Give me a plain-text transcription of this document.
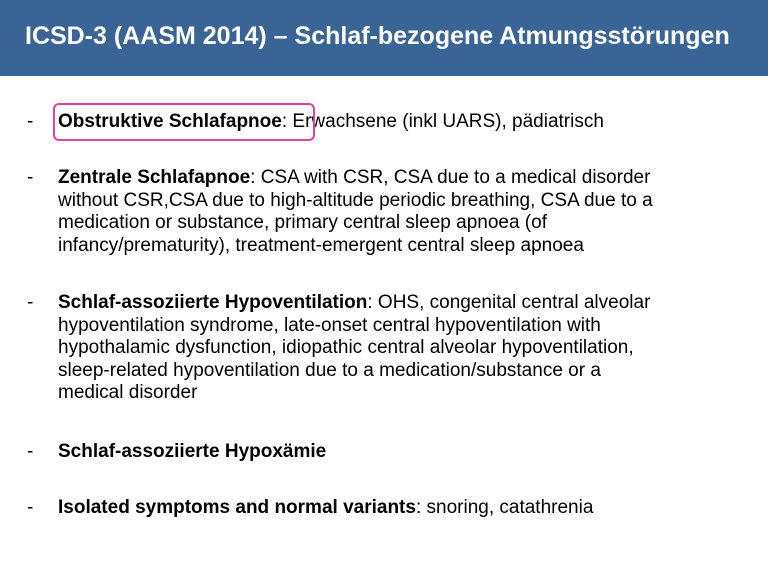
ICSD-3 (AASM 2014) – Schlaf-bezogene Atmungsstörungen
- Obstruktive Schlafapnoe: Erwachsene (inkl UARS), pädiatrisch
- Zentrale Schlafapnoe: CSA with CSR, CSA due to a medical disorder
without CSR,CSA due to high-altitude periodic breathing, CSA due to a
medication or substance, primary central sleep apnoea (of
infancy/prematurity), treatment-emergent central sleep apnoea
- Schlaf-assoziierte Hypoventilation: OHS, congenital central alveolar
hypoventilation syndrome, late-onset central hypoventilation with
hypothalamic dysfunction, idiopathic central alveolar hypoventilation,
sleep-related hypoventilation due to a medication/substance or a
medical disorder
- Schlaf-assoziierte Hypoxämie
- Isolated symptoms and normal variants: snoring, catathrenia
